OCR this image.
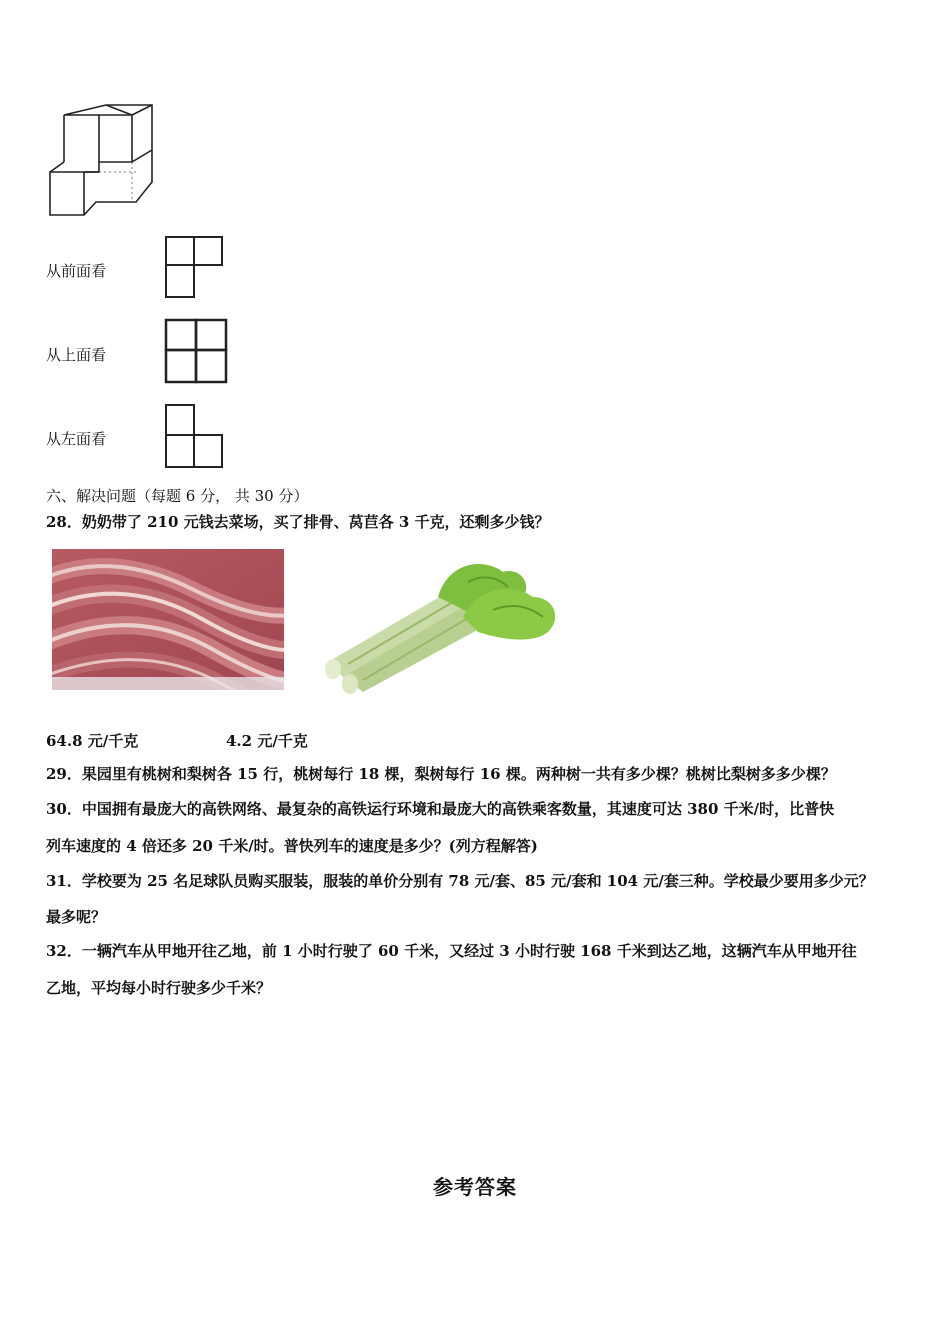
从前面看
从上面看
从左面看
六、解决问题（每题 6 分， 共 30 分）
28．奶奶带了 210 元钱去菜场，买了排骨、莴苣各 3 千克，还剩多少钱？
64.8 元/千克	4.2 元/千克
29．果园里有桃树和梨树各 15 行，桃树每行 18 棵，梨树每行 16 棵。两种树一共有多少棵？桃树比梨树多多少棵？
30．中国拥有最庞大的高铁网络、最复杂的高铁运行环境和最庞大的高铁乘客数量，其速度可达 380 千米/时，比普快
列车速度的 4 倍还多 20 千米/时。普快列车的速度是多少？(列方程解答)
31．学校要为 25 名足球队员购买服装，服装的单价分别有 78 元/套、85 元/套和 104 元/套三种。学校最少要用多少元？
最多呢？
32．一辆汽车从甲地开往乙地，前 1 小时行驶了 60 千米，又经过 3 小时行驶 168 千米到达乙地，这辆汽车从甲地开往
乙地，平均每小时行驶多少千米？
参考答案
